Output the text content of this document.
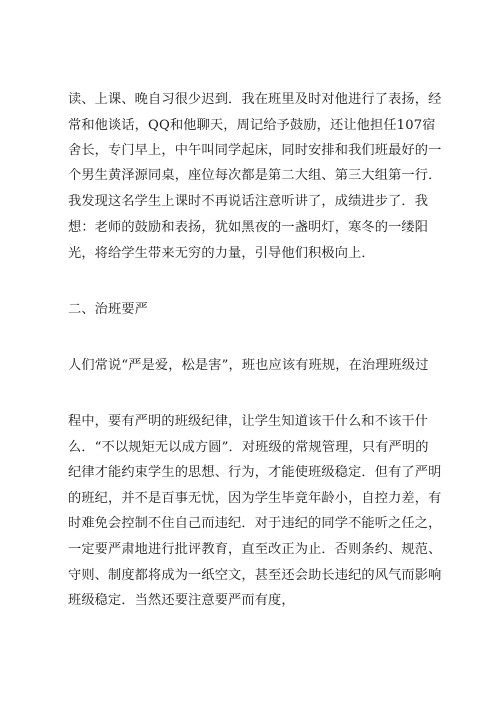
读、上课、晚自习很少迟到．我在班里及时对他进行了表扬，经
常和他谈话，QQ和他聊天，周记给予鼓励，还让他担任107宿
舍长，专门早上，中午叫同学起床，同时安排和我们班最好的一
个男生黄泽源同桌，座位每次都是第二大组、第三大组第一行．
我发现这名学生上课时不再说话注意听讲了，成绩进步了．我
想：老师的鼓励和表扬，犹如黑夜的一盏明灯，寒冬的一缕阳
光，将给学生带来无穷的力量，引导他们积极向上．
二、治班要严
人们常说“严是爱，松是害”，班也应该有班规，在治理班级过
程中，要有严明的班级纪律，让学生知道该干什么和不该干什
么．“不以规矩无以成方圆”．对班级的常规管理，只有严明的
纪律才能约束学生的思想、行为，才能使班级稳定．但有了严明
的班纪，并不是百事无忧，因为学生毕竟年龄小，自控力差，有
时难免会控制不住自己而违纪．对于违纪的同学不能听之任之，
一定要严肃地进行批评教育，直至改正为止．否则条约、规范、
守则、制度都将成为一纸空文，甚至还会助长违纪的风气而影响
班级稳定．当然还要注意要严而有度，
